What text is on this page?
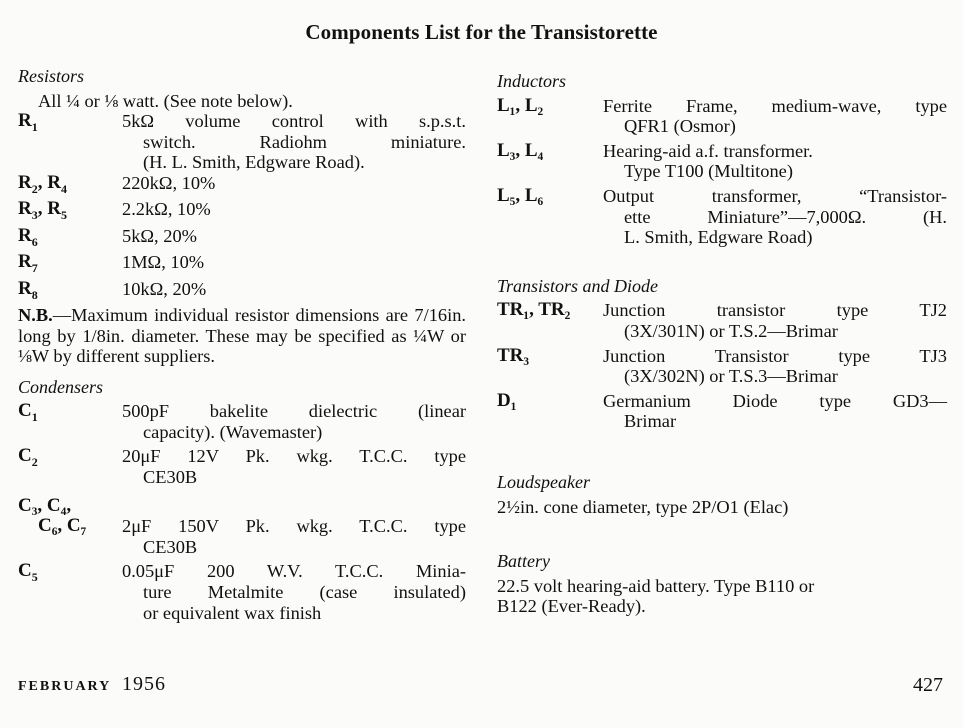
Components List for the Transistorette
Resistors
All ¼ or ⅛ watt. (See note below).
$R_1$	5kΩ volume control with s.p.s.t.
switch. Radiohm miniature.
(H. L. Smith, Edgware Road).
$R_2$, $R_4$	220kΩ, 10%
$R_3$, $R_5$	2.2kΩ, 10%
$R_6$	5kΩ, 20%
$R_7$	1MΩ, 10%
$R_8$	10kΩ, 20%
N.B.—Maximum individual resistor dimensions are 7/16in. long by 1/8in. diameter. These may be specified as ¼W or ⅛W by different suppliers.
Condensers
$C_1$	500pF bakelite dielectric (linear
capacity). (Wavemaster)
$C_2$	20μF 12V Pk. wkg. T.C.C. type
CE30B
C₃, C₄,
C₆, C₇	2μF 150V Pk. wkg. T.C.C. type
CE30B
$C_5$	0.05μF 200 W.V. T.C.C. Minia-
ture Metalmite (case insulated)
or equivalent wax finish
Inductors
L₁, L₂	Ferrite Frame, medium-wave, type
QFR1 (Osmor)
L₃, L₄	Hearing-aid a.f. transformer.
Type T100 (Multitone)
L₅, L₆	Output transformer, “Transistor-
ette Miniature”—7,000Ω. (H.
L. Smith, Edgware Road)
Transistors and Diode
TR₁, TR₂	Junction transistor type TJ2
(3X/301N) or T.S.2—Brimar
TR₃	Junction Transistor type TJ3
(3X/302N) or T.S.3—Brimar
D₁	Germanium Diode type GD3—
Brimar
Loudspeaker
2½in. cone diameter, type 2P/O1 (Elac)
Battery
22.5 volt hearing-aid battery. Type B110 or
B122 (Ever-Ready).
FEBRUARY 1956	427
